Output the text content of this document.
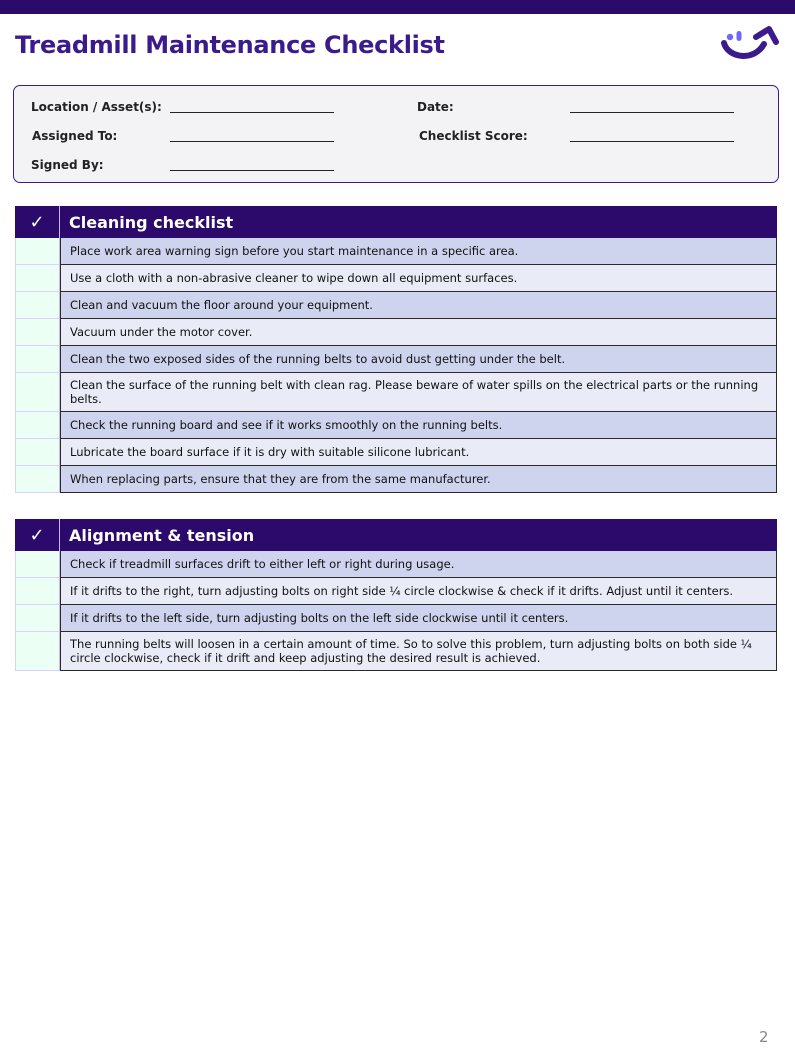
Treadmill Maintenance Checklist
Location / Asset(s):
Assigned To:
Signed By:
Date:
Checklist Score:
✓	Cleaning checklist
Place work area warning sign before you start maintenance in a specific area.
Use a cloth with a non-abrasive cleaner to wipe down all equipment surfaces.
Clean and vacuum the floor around your equipment.
Vacuum under the motor cover.
Clean the two exposed sides of the running belts to avoid dust getting under the belt.
Clean the surface of the running belt with clean rag. Please beware of water spills on the electrical parts or the running belts.
Check the running board and see if it works smoothly on the running belts.
Lubricate the board surface if it is dry with suitable silicone lubricant.
When replacing parts, ensure that they are from the same manufacturer.
✓	Alignment & tension
Check if treadmill surfaces drift to either left or right during usage.
If it drifts to the right, turn adjusting bolts on right side ¼ circle clockwise & check if it drifts. Adjust until it centers.
If it drifts to the left side, turn adjusting bolts on the left side clockwise until it centers.
The running belts will loosen in a certain amount of time. So to solve this problem, turn adjusting bolts on both side ¼ circle clockwise, check if it drift and keep adjusting the desired result is achieved.
2
